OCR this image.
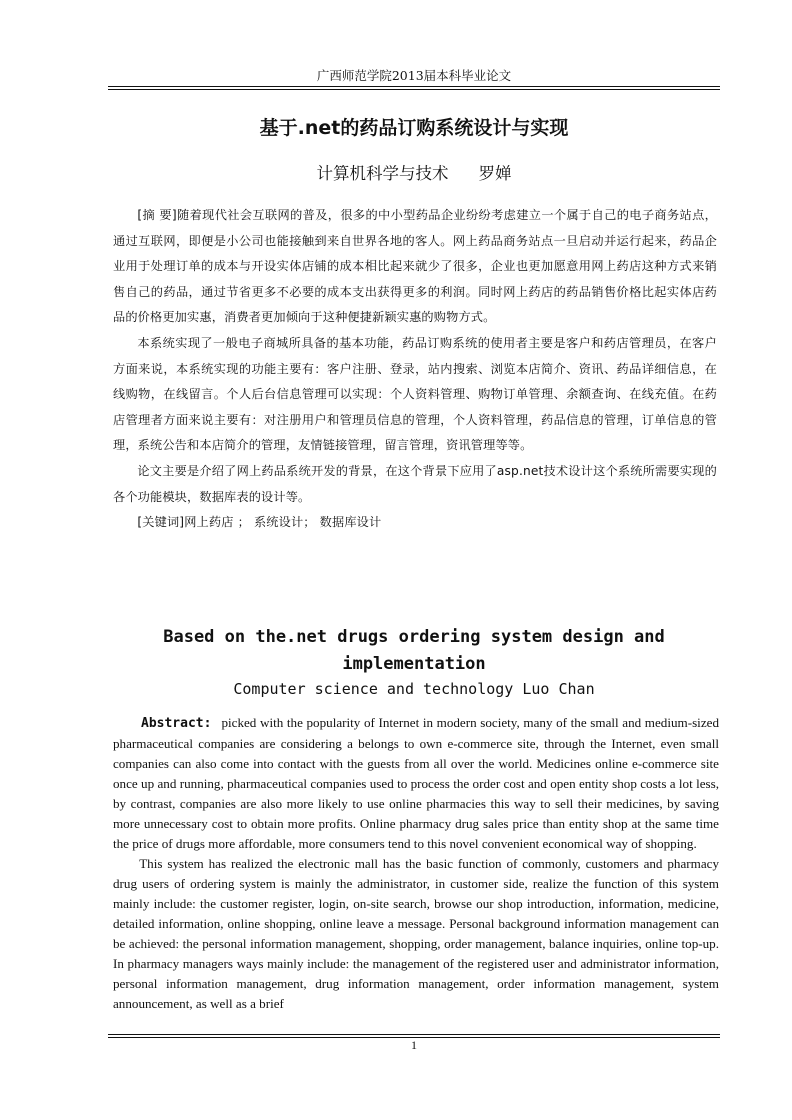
广西师范学院2013届本科毕业论文
基于.net的药品订购系统设计与实现
计算机科学与技术 罗婵

[摘 要]随着现代社会互联网的普及，很多的中小型药品企业纷纷考虑建立一个属于自己的电子商务站点，通过互联网，即便是小公司也能接触到来自世界各地的客人。网上药品商务站点一旦启动并运行起来，药品企业用于处理订单的成本与开设实体店铺的成本相比起来就少了很多，企业也更加愿意用网上药店这种方式来销售自己的药品，通过节省更多不必要的成本支出获得更多的利润。同时网上药店的药品销售价格比起实体店药品的价格更加实惠，消费者更加倾向于这种便捷新颖实惠的购物方式。

本系统实现了一般电子商城所具备的基本功能，药品订购系统的使用者主要是客户和药店管理员，在客户方面来说，本系统实现的功能主要有：客户注册、登录，站内搜索、浏览本店简介、资讯、药品详细信息，在线购物，在线留言。个人后台信息管理可以实现：个人资料管理、购物订单管理、余额查询、在线充值。在药店管理者方面来说主要有：对注册用户和管理员信息的管理，个人资料管理，药品信息的管理，订单信息的管理，系统公告和本店简介的管理，友情链接管理，留言管理，资讯管理等等。

论文主要是介绍了网上药品系统开发的背景，在这个背景下应用了asp.net技术设计这个系统所需要实现的各个功能模块，数据库表的设计等。

[关键词]网上药店 ； 系统设计； 数据库设计

Based on the.net drugs ordering system design and implementation
Computer science and technology Luo Chan

Abstract: picked with the popularity of Internet in modern society, many of the small and medium-sized pharmaceutical companies are considering a belongs to own e-commerce site, through the Internet, even small companies can also come into contact with the guests from all over the world. Medicines online e-commerce site once up and running, pharmaceutical companies used to process the order cost and open entity shop costs a lot less, by contrast, companies are also more likely to use online pharmacies this way to sell their medicines, by saving more unnecessary cost to obtain more profits. Online pharmacy drug sales price than entity shop at the same time the price of drugs more affordable, more consumers tend to this novel convenient economical way of shopping.

This system has realized the electronic mall has the basic function of commonly, customers and pharmacy drug users of ordering system is mainly the administrator, in customer side, realize the function of this system mainly include: the customer register, login, on-site search, browse our shop introduction, information, medicine, detailed information, online shopping, online leave a message. Personal background information management can be achieved: the personal information management, shopping, order management, balance inquiries, online top-up. In pharmacy managers ways mainly include: the management of the registered user and administrator information, personal information management, drug information management, order information management, system announcement, as well as a brief

1
